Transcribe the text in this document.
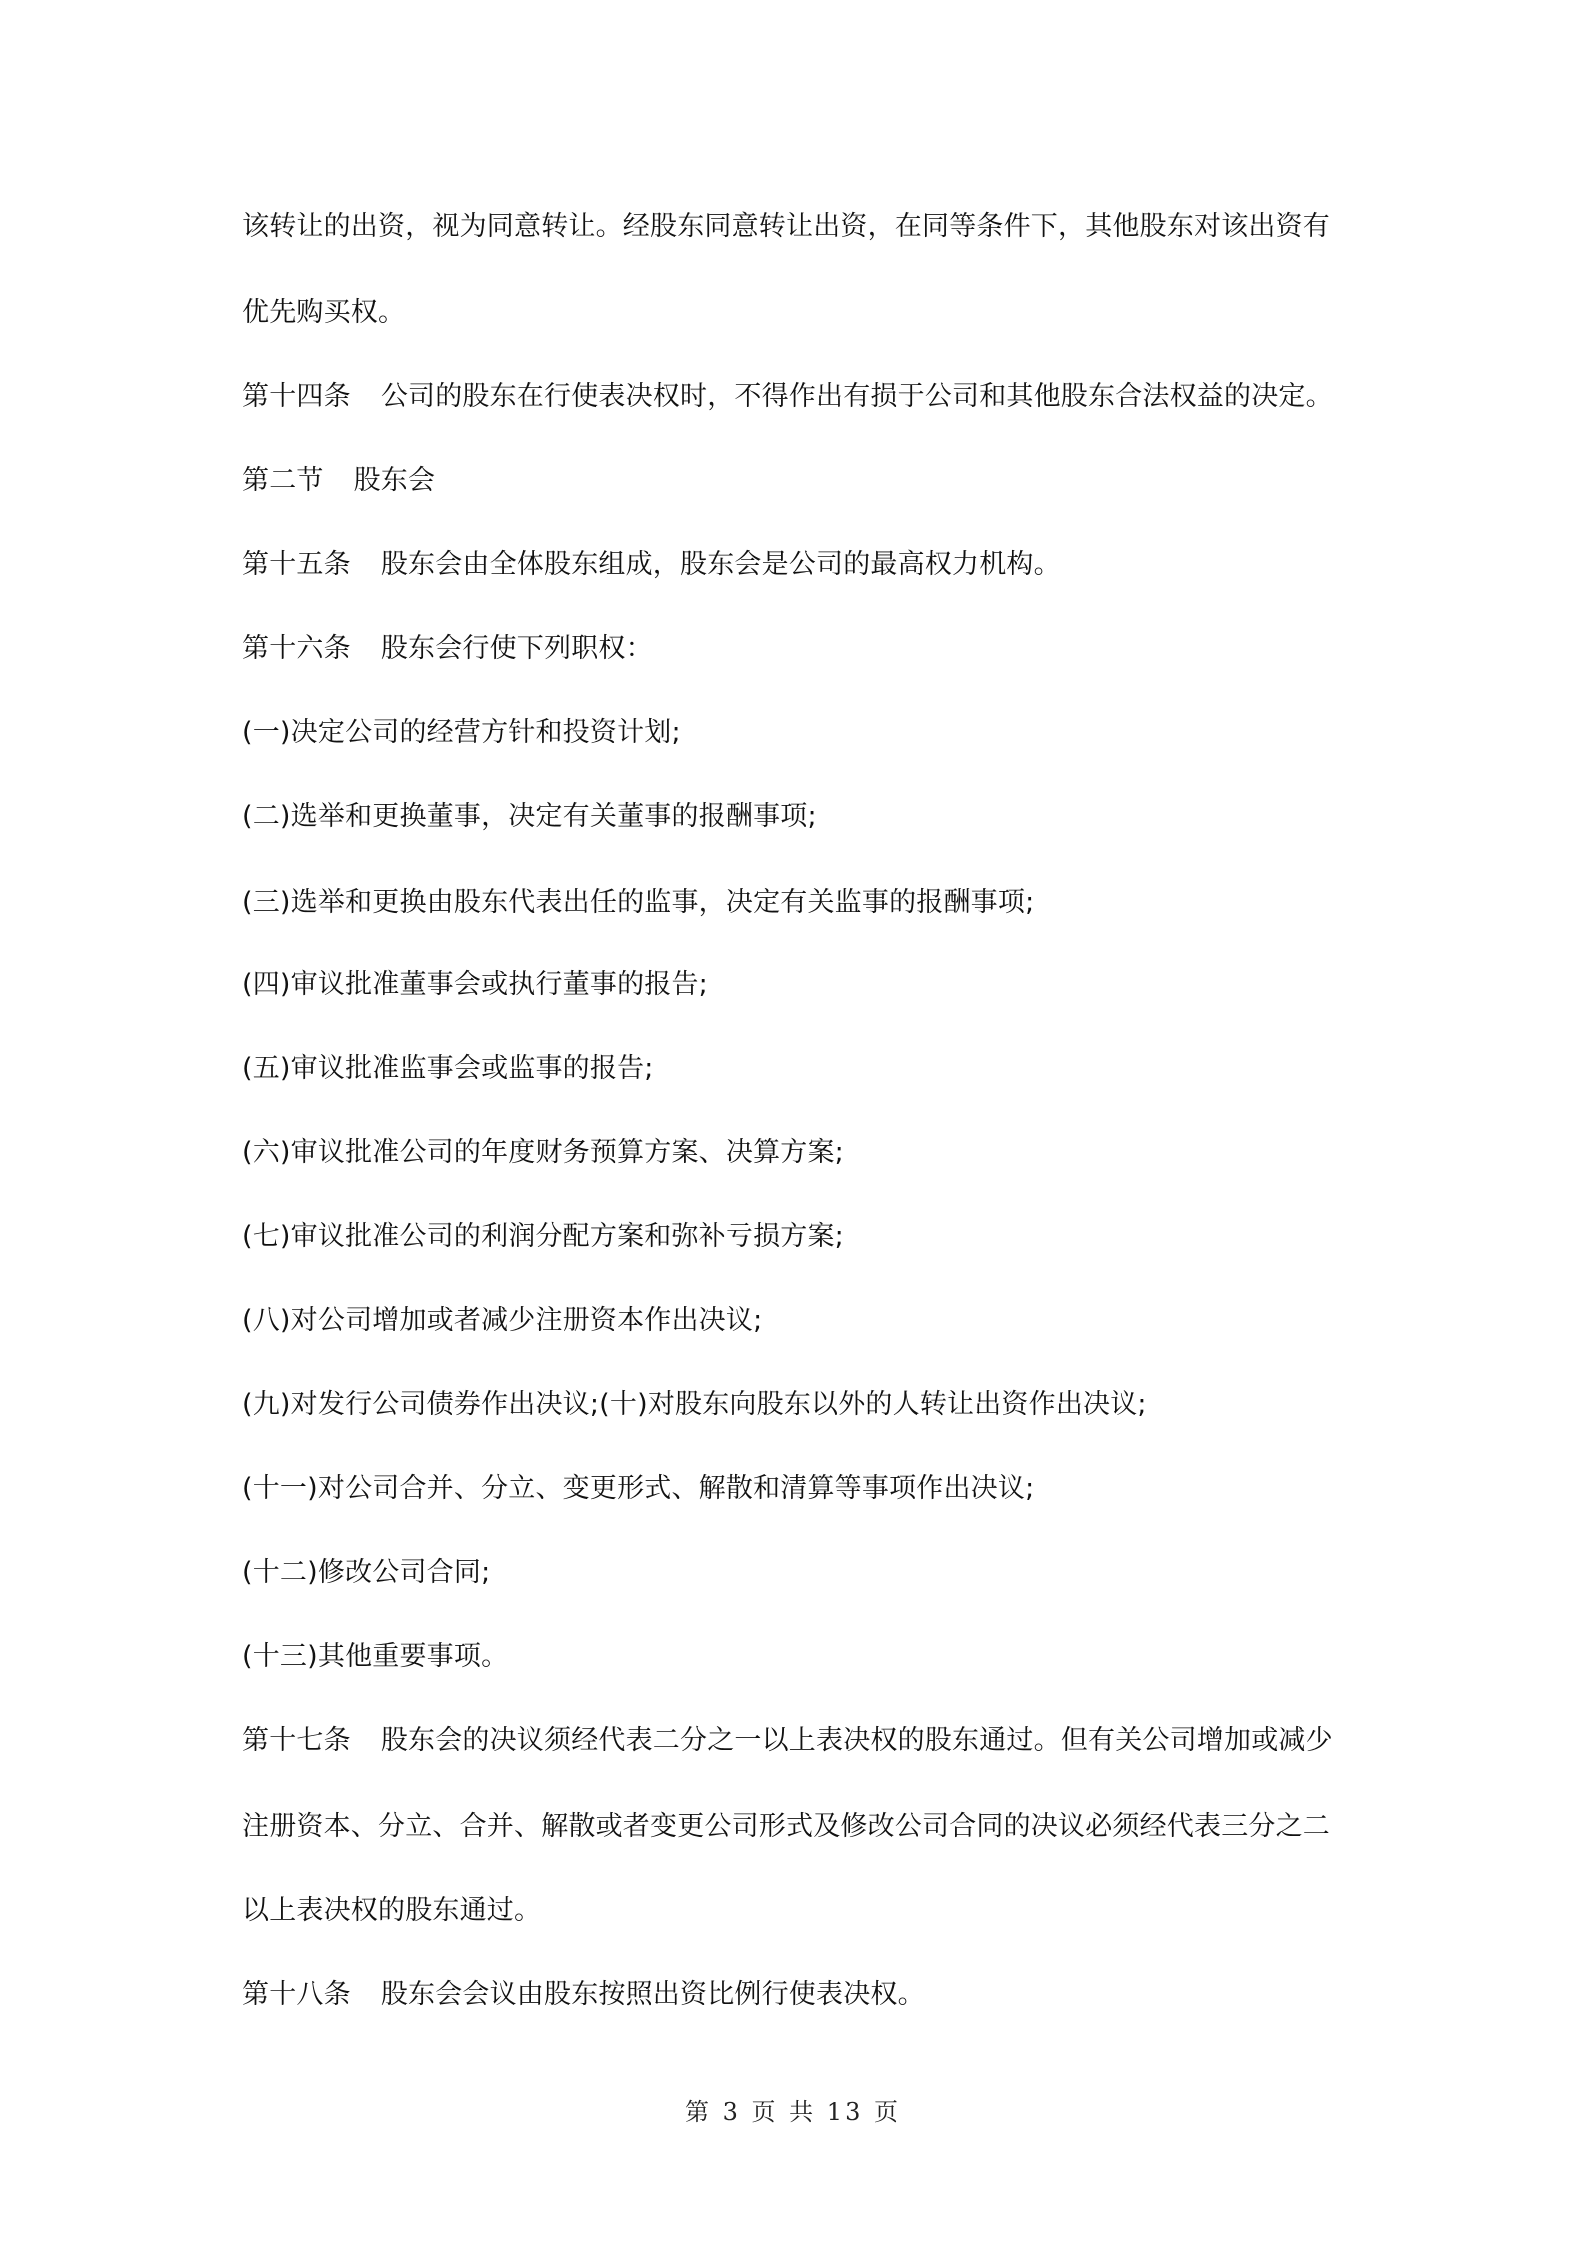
该转让的出资，视为同意转让。经股东同意转让出资，在同等条件下，其他股东对该出资有
优先购买权。
第十四条 公司的股东在行使表决权时，不得作出有损于公司和其他股东合法权益的决定。
第二节 股东会
第十五条 股东会由全体股东组成，股东会是公司的最高权力机构。
第十六条 股东会行使下列职权：
(一)决定公司的经营方针和投资计划;
(二)选举和更换董事，决定有关董事的报酬事项;
(三)选举和更换由股东代表出任的监事，决定有关监事的报酬事项;
(四)审议批准董事会或执行董事的报告;
(五)审议批准监事会或监事的报告;
(六)审议批准公司的年度财务预算方案、决算方案;
(七)审议批准公司的利润分配方案和弥补亏损方案;
(八)对公司增加或者减少注册资本作出决议;
(九)对发行公司债券作出决议;(十)对股东向股东以外的人转让出资作出决议;
(十一)对公司合并、分立、变更形式、解散和清算等事项作出决议;
(十二)修改公司合同;
(十三)其他重要事项。
第十七条 股东会的决议须经代表二分之一以上表决权的股东通过。但有关公司增加或减少
注册资本、分立、合并、解散或者变更公司形式及修改公司合同的决议必须经代表三分之二
以上表决权的股东通过。
第十八条 股东会会议由股东按照出资比例行使表决权。
第 3 页 共 13 页
